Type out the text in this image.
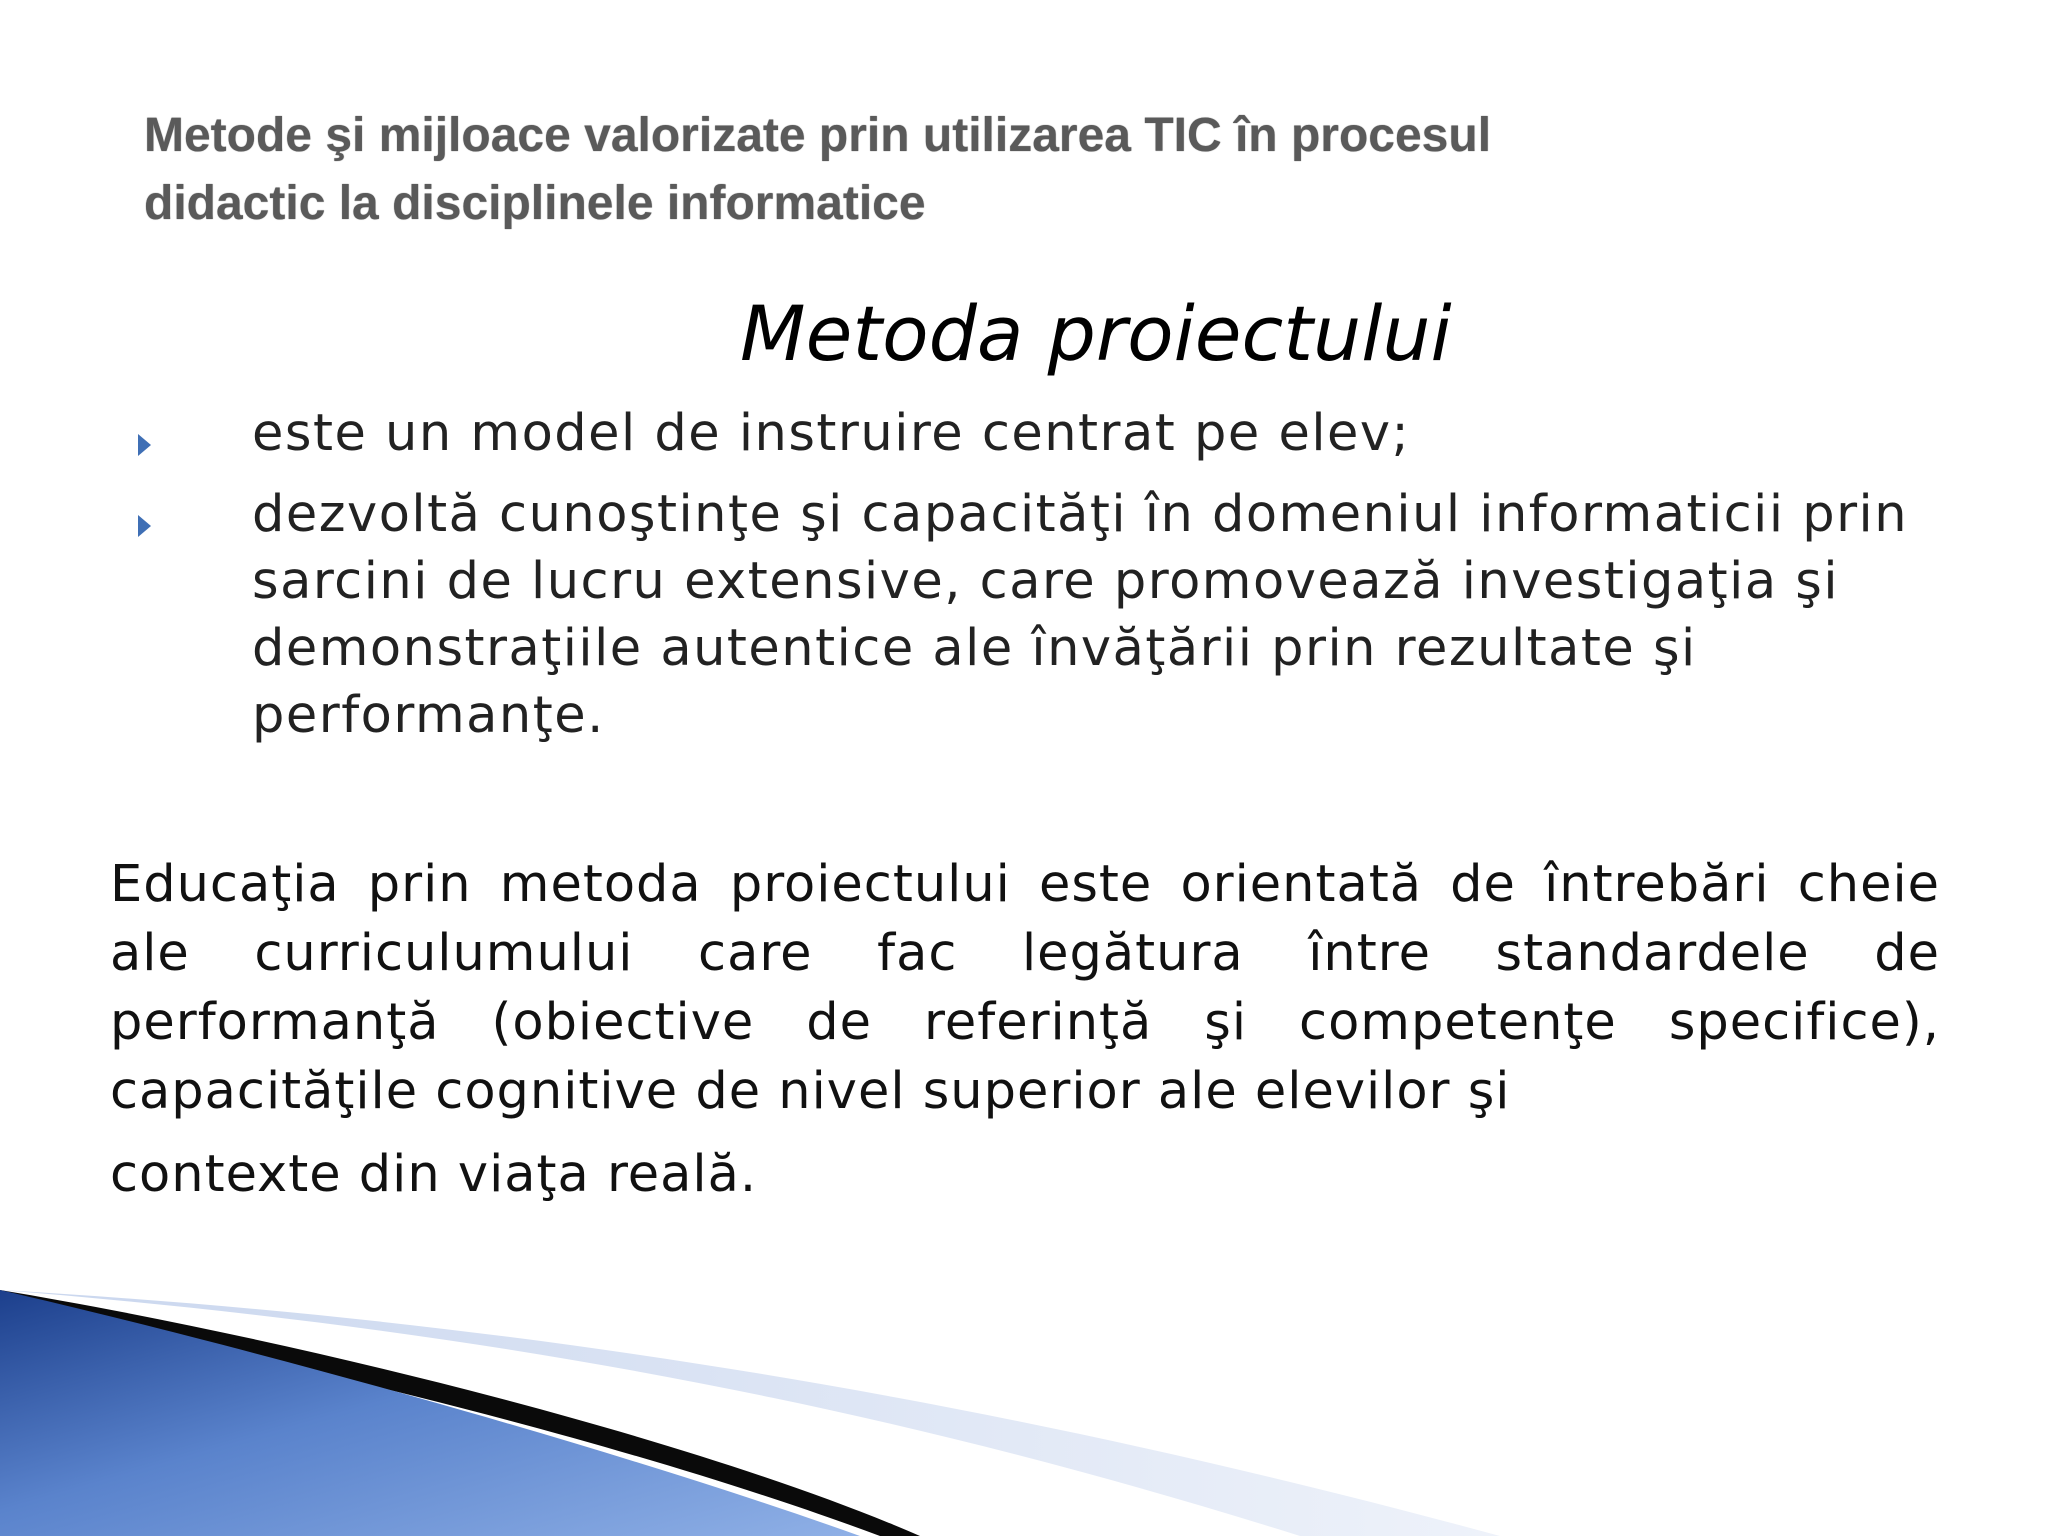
Metode şi mijloace valorizate prin utilizarea TIC în procesul
didactic la disciplinele informatice
Metoda proiectului
este un model de instruire centrat pe elev;
dezvoltă cunoştinţe şi capacităţi în domeniul informaticii prin sarcini de lucru extensive, care promovează investigaţia şi demonstraţiile autentice ale învăţării prin rezultate şi performanţe.

Educaţia prin metoda proiectului este orientată de întrebări cheie ale curriculumului care fac legătura între standardele de performanţă (obiective de referinţă şi competenţe specifice), capacităţile cognitive de nivel superior ale elevilor şi
contexte din viaţa reală.
